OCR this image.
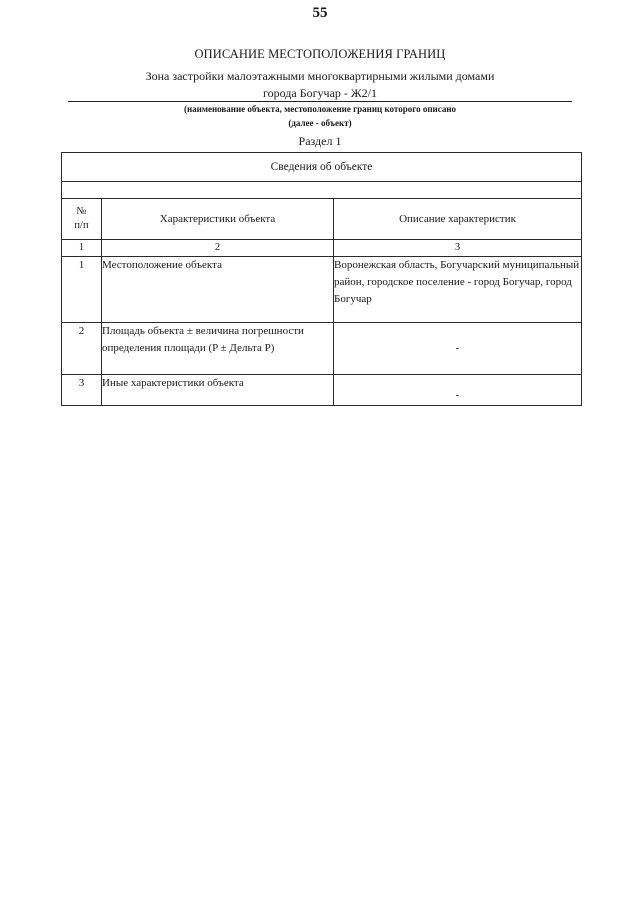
55
ОПИСАНИЕ МЕСТОПОЛОЖЕНИЯ ГРАНИЦ
Зона застройки малоэтажными многоквартирными жилыми домами
города Богучар - Ж2/1
(наименование объекта, местоположение границ которого описано
(далее - объект)
Раздел 1
Сведения об объекте		

№
п/п	Характеристики объекта	Описание характеристик
1	2	3
1	Местоположение объекта	Воронежская область, Богучарский муниципальный район, городское поселение - город Богучар, город Богучар
2	Площадь объекта ± величина погрешности определения площади (P ± Дельта P)	-
3	Иные характеристики объекта	-
